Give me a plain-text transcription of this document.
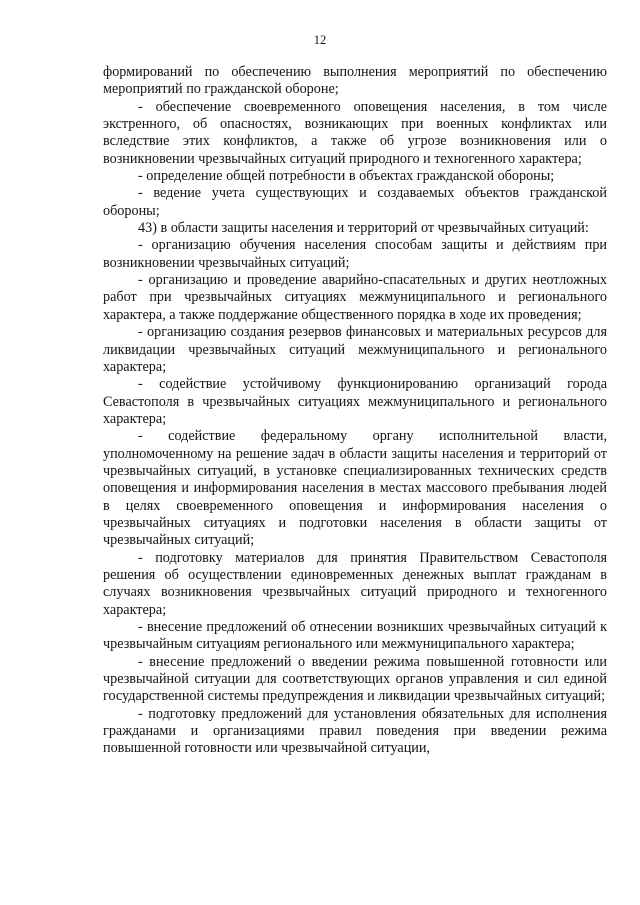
12

формирований по обеспечению выполнения мероприятий по обеспечению мероприятий по гражданской обороне;

- обеспечение своевременного оповещения населения, в том числе экстренного, об опасностях, возникающих при военных конфликтах или вследствие этих конфликтов, а также об угрозе возникновения или о возникновении чрезвычайных ситуаций природного и техногенного характера;

- определение общей потребности в объектах гражданской обороны;

- ведение учета существующих и создаваемых объектов гражданской обороны;

43) в области защиты населения и территорий от чрезвычайных ситуаций:

- организацию обучения населения способам защиты и действиям при возникновении чрезвычайных ситуаций;

- организацию и проведение аварийно-спасательных и других неотложных работ при чрезвычайных ситуациях межмуниципального и регионального характера, а также поддержание общественного порядка в ходе их проведения;

- организацию создания резервов финансовых и материальных ресурсов для ликвидации чрезвычайных ситуаций межмуниципального и регионального характера;

- содействие устойчивому функционированию организаций города Севастополя в чрезвычайных ситуациях межмуниципального и регионального характера;

- содействие федеральному органу исполнительной власти, уполномоченному на решение задач в области защиты населения и территорий от чрезвычайных ситуаций, в установке специализированных технических средств оповещения и информирования населения в местах массового пребывания людей в целях своевременного оповещения и информирования населения о чрезвычайных ситуациях и подготовки населения в области защиты от чрезвычайных ситуаций;

- подготовку материалов для принятия Правительством Севастополя решения об осуществлении единовременных денежных выплат гражданам в случаях возникновения чрезвычайных ситуаций природного и техногенного характера;

- внесение предложений об отнесении возникших чрезвычайных ситуаций к чрезвычайным ситуациям регионального или межмуниципального характера;

- внесение предложений о введении режима повышенной готовности или чрезвычайной ситуации для соответствующих органов управления и сил единой государственной системы предупреждения и ликвидации чрезвычайных ситуаций;

- подготовку предложений для установления обязательных для исполнения гражданами и организациями правил поведения при введении режима повышенной готовности или чрезвычайной ситуации,
